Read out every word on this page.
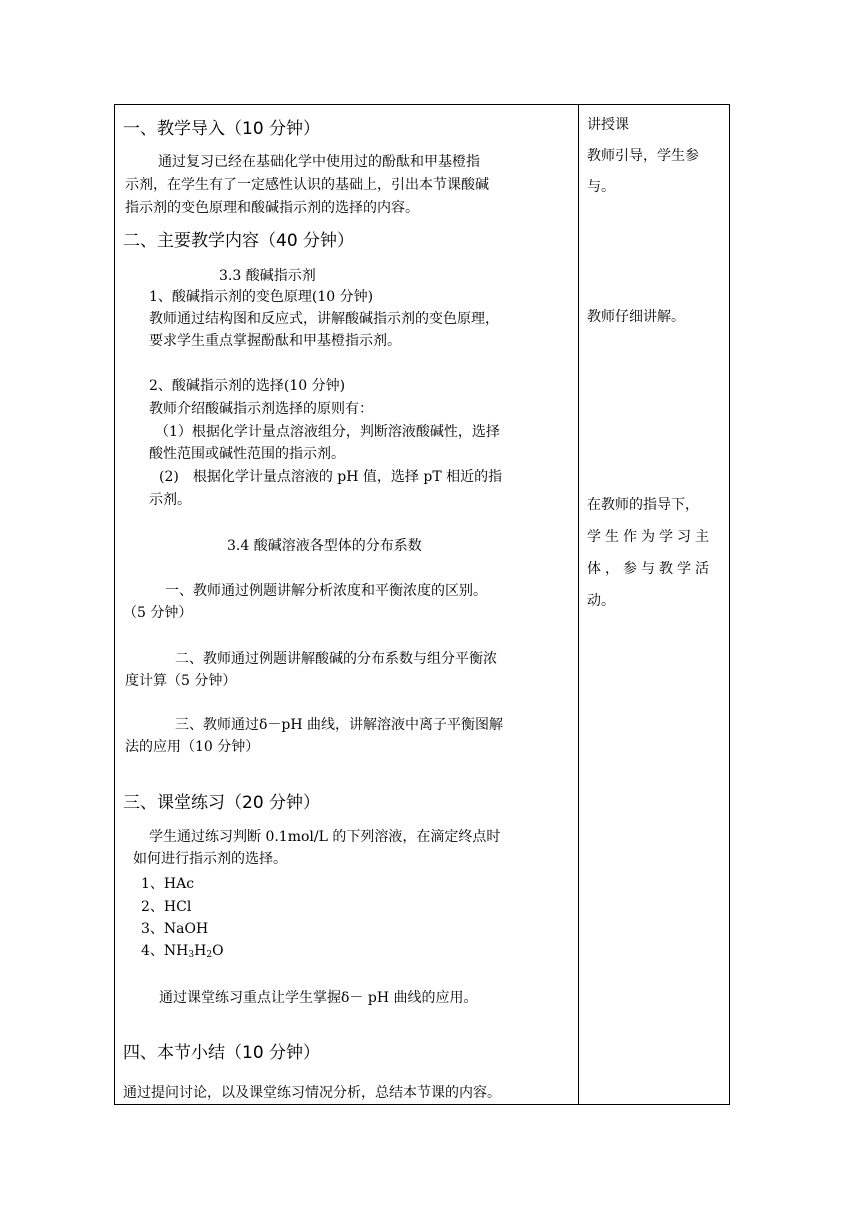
一、教学导入（10 分钟）
通过复习已经在基础化学中使用过的酚酞和甲基橙指
示剂，在学生有了一定感性认识的基础上，引出本节课酸碱
指示剂的变色原理和酸碱指示剂的选择的内容。
二、主要教学内容（40 分钟）
3.3 酸碱指示剂
1、酸碱指示剂的变色原理(10 分钟)
教师通过结构图和反应式，讲解酸碱指示剂的变色原理，
要求学生重点掌握酚酞和甲基橙指示剂。
2、酸碱指示剂的选择(10 分钟)
教师介绍酸碱指示剂选择的原则有：
（1）根据化学计量点溶液组分，判断溶液酸碱性，选择
酸性范围或碱性范围的指示剂。
(2)　根据化学计量点溶液的 pH 值，选择 pT 相近的指
示剂。
3.4 酸碱溶液各型体的分布系数
一、教师通过例题讲解分析浓度和平衡浓度的区别。
（5 分钟）
二、教师通过例题讲解酸碱的分布系数与组分平衡浓
度计算（5 分钟）
三、教师通过δ－pH 曲线，讲解溶液中离子平衡图解
法的应用（10 分钟）
三、课堂练习（20 分钟）
学生通过练习判断 0.1mol/L 的下列溶液，在滴定终点时
如何进行指示剂的选择。
1、HAc
2、HCl
3、NaOH
4、$NH_3H_2O$
通过课堂练习重点让学生掌握δ－ pH 曲线的应用。
四、本节小结（10 分钟）
通过提问讨论，以及课堂练习情况分析，总结本节课的内容。
讲授课
教师引导，学生参
与。
教师仔细讲解。
在教师的指导下，
学生作为学习主
体，参与教学活
动。
